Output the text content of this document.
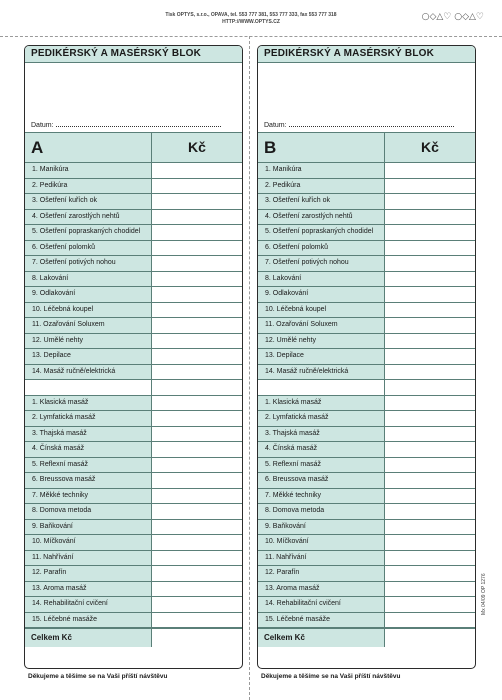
Tisk OPTYS, s.r.o., OPAVA, tel. 553 777 381, 553 777 333, fax 553 777 318
HTTP://WWW.OPTYS.CZ	○◇△♡ ○◇△♡
PEDIKÉRSKÝ A MASÉRSKÝ BLOK
Datum:
A	Kč
1. Manikúra
2. Pedikúra
3. Ošetření kuřích ok
4. Ošetření zarostlých nehtů
5. Ošetření popraskaných chodidel
6. Ošetření polomků
7. Ošetření potivých nohou
8. Lakování
9. Odlakování
10. Léčebná koupel
11. Ozařování Soluxem
12. Umělé nehty
13. Depilace
14. Masáž ručně/elektrická
1. Klasická masáž
2. Lymfatická masáž
3. Thajská masáž
4. Čínská masáž
5. Reflexní masáž
6. Breussova masáž
7. Měkké techniky
8. Domova metoda
9. Baňkování
10. Míčkování
11. Nahřívání
12. Parafín
13. Aroma masáž
14. Rehabilitační cvičení
15. Léčebné masáže
Celkem Kč
PEDIKÉRSKÝ A MASÉRSKÝ BLOK
Datum:
B	Kč
1. Manikúra
2. Pedikúra
3. Ošetření kuřích ok
4. Ošetření zarostlých nehtů
5. Ošetření popraskaných chodidel
6. Ošetření polomků
7. Ošetření potivých nohou
8. Lakování
9. Odlakování
10. Léčebná koupel
11. Ozařování Soluxem
12. Umělé nehty
13. Depilace
14. Masáž ručně/elektrická
1. Klasická masáž
2. Lymfatická masáž
3. Thajská masáž
4. Čínská masáž
5. Reflexní masáž
6. Breussova masáž
7. Měkké techniky
8. Domova metoda
9. Baňkování
10. Míčkování
11. Nahřívání
12. Parafín
13. Aroma masáž
14. Rehabilitační cvičení
15. Léčebné masáže
Celkem Kč
Děkujeme a těšíme se na Vaši příští návštěvu	Děkujeme a těšíme se na Vaši příští návštěvu
Mx 04/09 OP 1276
